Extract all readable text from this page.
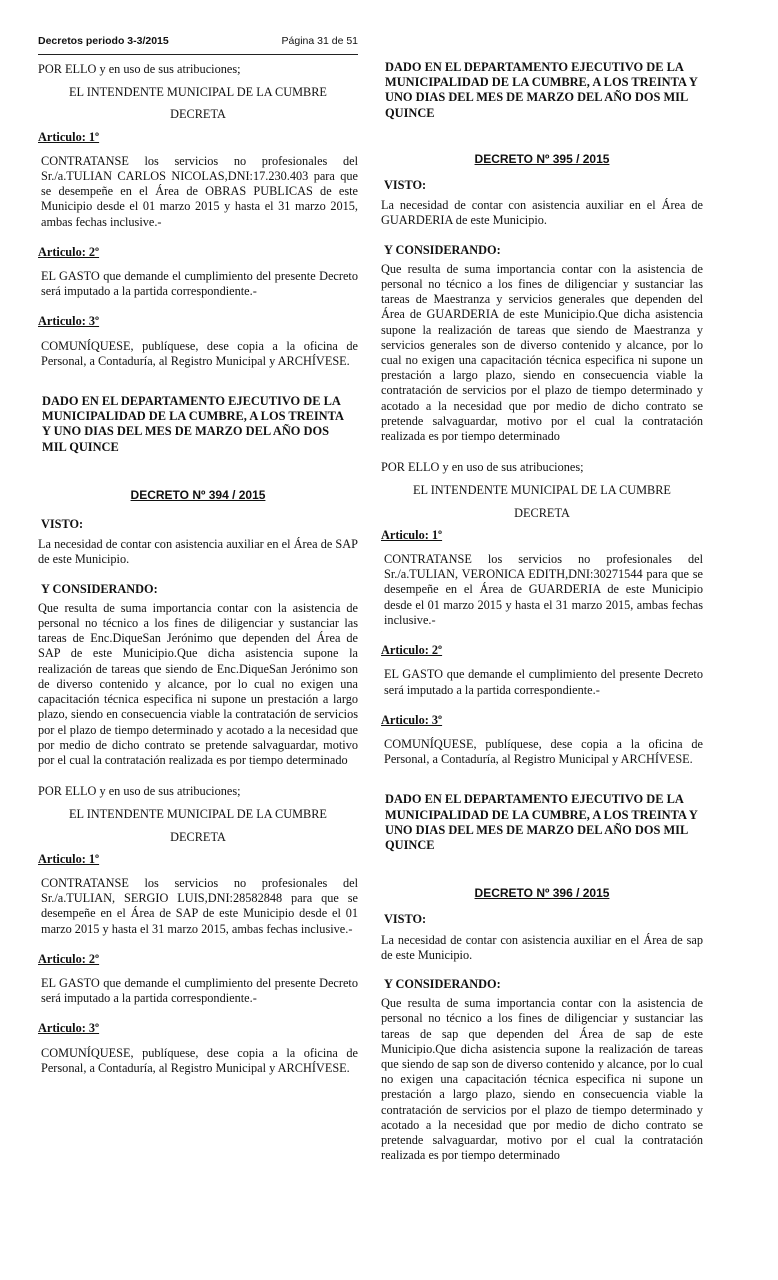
Decretos periodo 3-3/2015	Página 31 de 51

POR ELLO y en uso de sus atribuciones;

EL INTENDENTE MUNICIPAL DE LA CUMBRE

DECRETA

Articulo: 1º

CONTRATANSE los servicios no profesionales del Sr./a.TULIAN CARLOS NICOLAS,DNI:17.230.403 para que se desempeñe en el Área de OBRAS PUBLICAS de este Municipio desde el 01 marzo 2015 y hasta el 31 marzo 2015, ambas fechas inclusive.-

Articulo: 2º

EL GASTO que demande el cumplimiento del presente Decreto será imputado a la partida correspondiente.-

Articulo: 3º

COMUNÍQUESE, publíquese, dese copia a la oficina de Personal, a Contaduría, al Registro Municipal y ARCHÍVESE.

DADO EN EL DEPARTAMENTO EJECUTIVO DE LA MUNICIPALIDAD DE LA CUMBRE, A LOS TREINTA Y UNO DIAS DEL MES DE MARZO DEL AÑO DOS MIL QUINCE

DECRETO Nº 394 / 2015

VISTO:

La necesidad de contar con asistencia auxiliar en el Área de SAP de este Municipio.

Y CONSIDERANDO:

Que resulta de suma importancia contar con la asistencia de personal no técnico a los fines de diligenciar y sustanciar las tareas de Enc.DiqueSan Jerónimo que dependen del Área de SAP de este Municipio.Que dicha asistencia supone la realización de tareas que siendo de Enc.DiqueSan Jerónimo son de diverso contenido y alcance, por lo cual no exigen una capacitación técnica especifica ni supone un prestación a largo plazo, siendo en consecuencia viable la contratación de servicios por el plazo de tiempo determinado y acotado a la necesidad que por medio de dicho contrato se pretende salvaguardar, motivo por el cual la contratación realizada es por tiempo determinado

POR ELLO y en uso de sus atribuciones;

EL INTENDENTE MUNICIPAL DE LA CUMBRE

DECRETA

Articulo: 1º

CONTRATANSE los servicios no profesionales del Sr./a.TULIAN, SERGIO LUIS,DNI:28582848 para que se desempeñe en el Área de SAP de este Municipio desde el 01 marzo 2015 y hasta el 31 marzo 2015, ambas fechas inclusive.-

Articulo: 2º

EL GASTO que demande el cumplimiento del presente Decreto será imputado a la partida correspondiente.-

Articulo: 3º

COMUNÍQUESE, publíquese, dese copia a la oficina de Personal, a Contaduría, al Registro Municipal y ARCHÍVESE.

DADO EN EL DEPARTAMENTO EJECUTIVO DE LA MUNICIPALIDAD DE LA CUMBRE, A LOS TREINTA Y UNO DIAS DEL MES DE MARZO DEL AÑO DOS MIL QUINCE

DECRETO Nº 395 / 2015

VISTO:

La necesidad de contar con asistencia auxiliar en el Área de GUARDERIA de este Municipio.

Y CONSIDERANDO:

Que resulta de suma importancia contar con la asistencia de personal no técnico a los fines de diligenciar y sustanciar las tareas de Maestranza y servicios generales que dependen del Área de GUARDERIA de este Municipio.Que dicha asistencia supone la realización de tareas que siendo de Maestranza y servicios generales son de diverso contenido y alcance, por lo cual no exigen una capacitación técnica especifica ni supone un prestación a largo plazo, siendo en consecuencia viable la contratación de servicios por el plazo de tiempo determinado y acotado a la necesidad que por medio de dicho contrato se pretende salvaguardar, motivo por el cual la contratación realizada es por tiempo determinado

POR ELLO y en uso de sus atribuciones;

EL INTENDENTE MUNICIPAL DE LA CUMBRE

DECRETA

Articulo: 1º

CONTRATANSE los servicios no profesionales del Sr./a.TULIAN, VERONICA EDITH,DNI:30271544 para que se desempeñe en el Área de GUARDERIA de este Municipio desde el 01 marzo 2015 y hasta el 31 marzo 2015, ambas fechas inclusive.-

Articulo: 2º

EL GASTO que demande el cumplimiento del presente Decreto será imputado a la partida correspondiente.-

Articulo: 3º

COMUNÍQUESE, publíquese, dese copia a la oficina de Personal, a Contaduría, al Registro Municipal y ARCHÍVESE.

DADO EN EL DEPARTAMENTO EJECUTIVO DE LA MUNICIPALIDAD DE LA CUMBRE, A LOS TREINTA Y UNO DIAS DEL MES DE MARZO DEL AÑO DOS MIL QUINCE

DECRETO Nº 396 / 2015

VISTO:

La necesidad de contar con asistencia auxiliar en el Área de sap de este Municipio.

Y CONSIDERANDO:

Que resulta de suma importancia contar con la asistencia de personal no técnico a los fines de diligenciar y sustanciar las tareas de sap que dependen del Área de sap de este Municipio.Que dicha asistencia supone la realización de tareas que siendo de sap son de diverso contenido y alcance, por lo cual no exigen una capacitación técnica especifica ni supone un prestación a largo plazo, siendo en consecuencia viable la contratación de servicios por el plazo de tiempo determinado y acotado a la necesidad que por medio de dicho contrato se pretende salvaguardar, motivo por el cual la contratación realizada es por tiempo determinado
